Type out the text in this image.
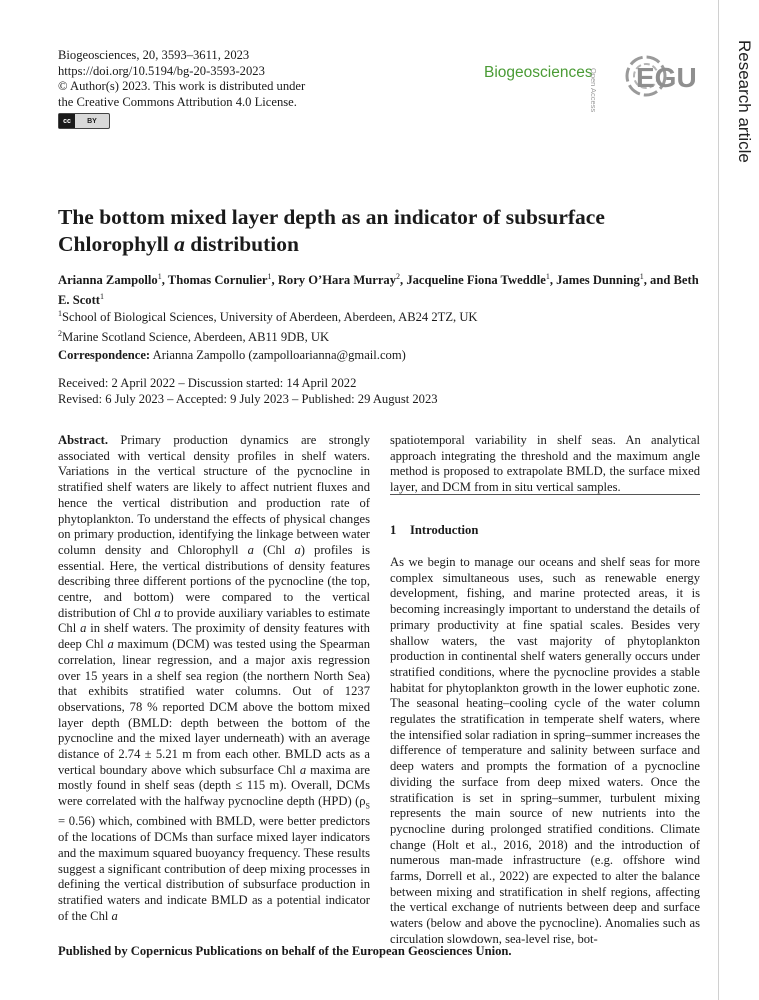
Biogeosciences, 20, 3593–3611, 2023
https://doi.org/10.5194/bg-20-3593-2023
© Author(s) 2023. This work is distributed under
the Creative Commons Attribution 4.0 License.
cc	BY
Biogeosciences
Open Access EGU Research article
The bottom mixed layer depth as an indicator of subsurface
Chlorophyll a distribution
Arianna Zampollo$^1$, Thomas Cornulier$^1$, Rory O’Hara Murray$^2$, Jacqueline Fiona Tweddle$^1$, James Dunning$^1$, and Beth E. Scott$^1$
$^1$School of Biological Sciences, University of Aberdeen, Aberdeen, AB24 2TZ, UK
$^2$Marine Scotland Science, Aberdeen, AB11 9DB, UK
Correspondence: Arianna Zampollo (zampolloarianna@gmail.com)
Received: 2 April 2022 – Discussion started: 14 April 2022
Revised: 6 July 2023 – Accepted: 9 July 2023 – Published: 29 August 2023
Abstract. Primary production dynamics are strongly associated with vertical density profiles in shelf waters. Variations in the vertical structure of the pycnocline in stratified shelf waters are likely to affect nutrient fluxes and hence the vertical distribution and production rate of phytoplankton. To understand the effects of physical changes on primary production, identifying the linkage between water column density and Chlorophyll a (Chl a) profiles is essential. Here, the vertical distributions of density features describing three different portions of the pycnocline (the top, centre, and bottom) were compared to the vertical distribution of Chl a to provide auxiliary variables to estimate Chl a in shelf waters. The proximity of density features with deep Chl a maximum (DCM) was tested using the Spearman correlation, linear regression, and a major axis regression over 15 years in a shelf sea region (the northern North Sea) that exhibits stratified water columns. Out of 1237 observations, 78 % reported DCM above the bottom mixed layer depth (BMLD: depth between the bottom of the pycnocline and the mixed layer underneath) with an average distance of 2.74 ± 5.21 m from each other. BMLD acts as a vertical boundary above which subsurface Chl a maxima are mostly found in shelf seas (depth ≤ 115 m). Overall, DCMs were correlated with the halfway pycnocline depth (HPD) $(\rho_S = 0.56)$ which, combined with BMLD, were better predictors of the locations of DCMs than surface mixed layer indicators and the maximum squared buoyancy frequency. These results suggest a significant contribution of deep mixing processes in defining the vertical distribution of subsurface production in stratified waters and indicate BMLD as a potential indicator of the Chl a
spatiotemporal variability in shelf seas. An analytical approach integrating the threshold and the maximum angle method is proposed to extrapolate BMLD, the surface mixed layer, and DCM from in situ vertical samples.
1 Introduction
As we begin to manage our oceans and shelf seas for more complex simultaneous uses, such as renewable energy development, fishing, and marine protected areas, it is becoming increasingly important to understand the details of primary productivity at fine spatial scales. Besides very shallow waters, the vast majority of phytoplankton production in continental shelf waters generally occurs under stratified conditions, where the pycnocline provides a stable habitat for phytoplankton growth in the lower euphotic zone. The seasonal heating–cooling cycle of the water column regulates the stratification in temperate shelf waters, where the intensified solar radiation in spring–summer increases the difference of temperature and salinity between surface and deep waters and prompts the formation of a pycnocline dividing the surface from deep mixed waters. Once the stratification is set in spring–summer, turbulent mixing represents the main source of new nutrients into the pycnocline during prolonged stratified conditions. Climate change (Holt et al., 2016, 2018) and the introduction of numerous man-made infrastructure (e.g. offshore wind farms, Dorrell et al., 2022) are expected to alter the balance between mixing and stratification in shelf regions, affecting the vertical exchange of nutrients between deep and surface waters (below and above the pycnocline). Anomalies such as circulation slowdown, sea-level rise, bot-
Published by Copernicus Publications on behalf of the European Geosciences Union.
